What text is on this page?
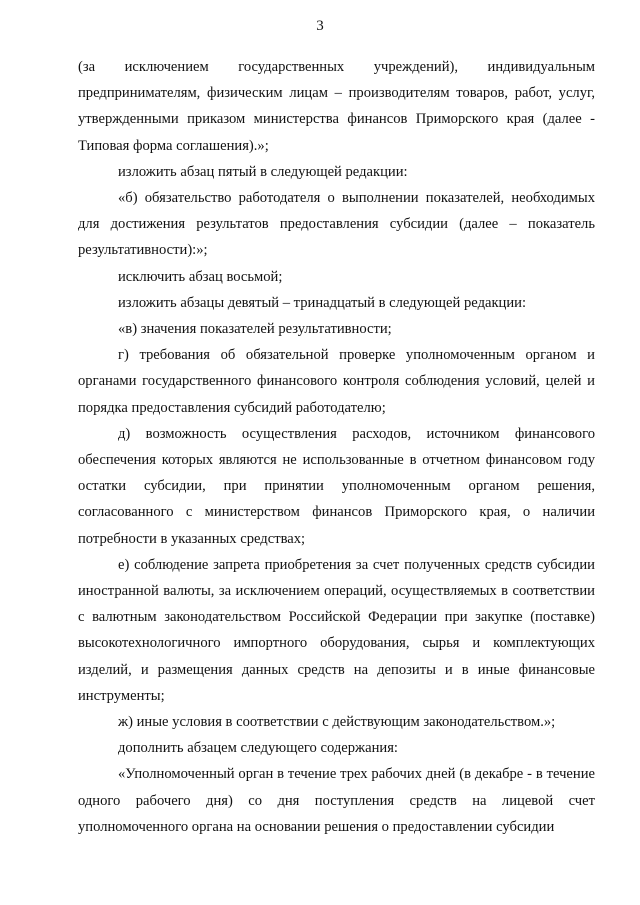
3

(за исключением государственных учреждений), индивидуальным предпринимателям, физическим лицам – производителям товаров, работ, услуг, утвержденными приказом министерства финансов Приморского края (далее - Типовая форма соглашения).»;

изложить абзац пятый в следующей редакции:

«б) обязательство работодателя о выполнении показателей, необходимых для достижения результатов предоставления субсидии (далее – показатель результативности):»;

исключить абзац восьмой;

изложить абзацы девятый – тринадцатый в следующей редакции:

«в) значения показателей результативности;

г) требования об обязательной проверке уполномоченным органом и органами государственного финансового контроля соблюдения условий, целей и порядка предоставления субсидий работодателю;

д) возможность осуществления расходов, источником финансового обеспечения которых являются не использованные в отчетном финансовом году остатки субсидии, при принятии уполномоченным органом решения, согласованного с министерством финансов Приморского края, о наличии потребности в указанных средствах;

е) соблюдение запрета приобретения за счет полученных средств субсидии иностранной валюты, за исключением операций, осуществляемых в соответствии с валютным законодательством Российской Федерации при закупке (поставке) высокотехнологичного импортного оборудования, сырья и комплектующих изделий, и размещения данных средств на депозиты и в иные финансовые инструменты;

ж) иные условия в соответствии с действующим законодательством.»;

дополнить абзацем следующего содержания:

«Уполномоченный орган в течение трех рабочих дней (в декабре - в течение одного рабочего дня) со дня поступления средств на лицевой счет уполномоченного органа на основании решения о предоставлении субсидии
